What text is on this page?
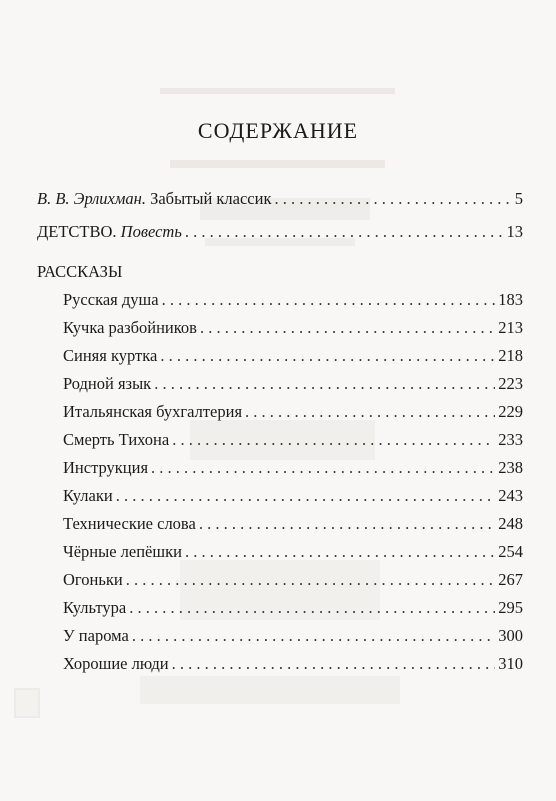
СОДЕРЖАНИЕ
В. В. Эрлихман. Забытый классик . . .	5
ДЕТСТВО. Повесть . . .	13
РАССКАЗЫ
Русская душа . . .	183
Кучка разбойников . . .	213
Синяя куртка . . .	218
Родной язык . . .	223
Итальянская бухгалтерия . . .	229
Смерть Тихона . . .	233
Инструкция . . .	238
Кулаки . . .	243
Технические слова . . .	248
Чёрные лепёшки . . .	254
Огоньки . . .	267
Культура . . .	295
У парома . . .	300
Хорошие люди . . .	310
